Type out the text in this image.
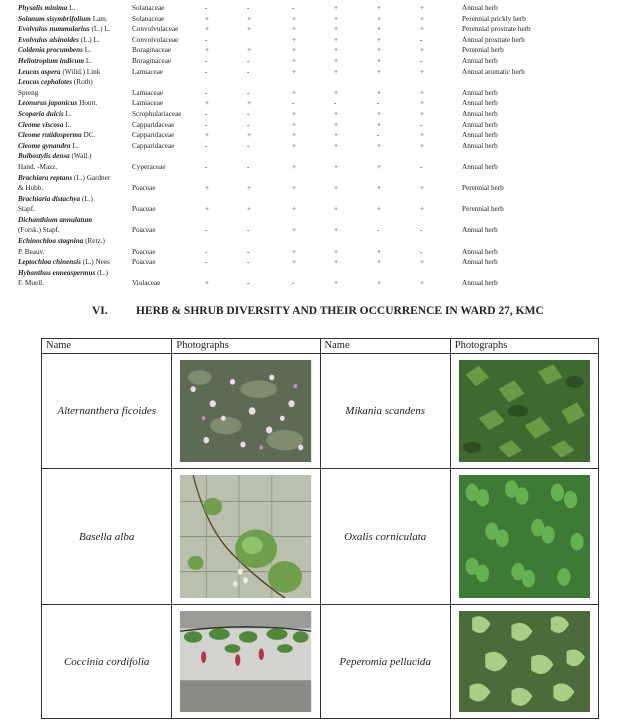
Physalis minima L.	Solanaceae	-	-	-	+	+	+	Annual herb
Solanum sisymbrifolium Lam.	Solanaceae	+	+	+	+	+	+	Perennial prickly herb
Evolvulus nummularius (L.) L.	Convolvulaceae	+	+	+	+	+	+	Perennial prostrate herb
Evolvulus alsinoides (L.) L.	Convolvulaceae	-	+	+	+	-	Annual prostrate herb
Coldenia procumbens L.	Boraginaceae	+	+	+	+	+	+	Perennial herb
Heliotropium indicum L.	Boraginaceae	-	-	+	+	+	-	Annual herb
Leucas aspera (Willd.) Link	Lamiaceae	-	-	+	+	+	+	Annual aromatic herb
Leucas cephalotes (Roth)
Spreng	Lamiaceae	-	-	+	+	+	+	Annual herb
Leonurus japonicus Houtt.	Lamiaceae	+	+	-	-	-	+	Annual herb
Scoparia dulcis L.	Scrophulariaceae	-	-	+	+	+	+	Annual herb
Cleome viscosa L.	Capparidaceae	-	-	+	+	+	-	Annual herb
Cleome rutidosperma DC.	Capparidaceae	+	+	+	+	-	+	Annual herb
Cleome gynandra L.	Capparidaceae	-	-	+	+	+	+	Annual herb
Bulbostylis densa (Wall.)
Hand. -Mazz.	Cyperaceae	-	-	+	+	+	-	Annual herb
Brachiara reptans (L.) Gardner
& Hubb.	Poaceae	+	+	+	+	+	+	Perennial herb
Brachiaria distachya (L.)
Stapf.	Poaceae	+	+	+	+	+	+	Perennial herb
Dichanthium annulatum
(Forsk.) Stapf.	Poaceae	-	-	+	+	-	-	Annual herb
Echinochloa stagnina (Retz.)
P. Beauv.	Poaceae	-	-	+	+	+	-	Annual herb
Leptochloa chinensis (L.) Nees	Poaceae	-	-	+	+	+	+	Annual herb
Hybanthus enneaspermus (L.)
F. Muell.	Violaceae	+	-	-	+	+	+	Annual herb
VI. HERB & SHRUB DIVERSITY AND THEIR OCCURRENCE IN WARD 27, KMC
Name	Photographs	Name	Photographs
Alternanthera ficoides		Mikania scandens	

Basella alba		Oxalis corniculata	

Coccinia cordifolia		Peperomia pellucida	
